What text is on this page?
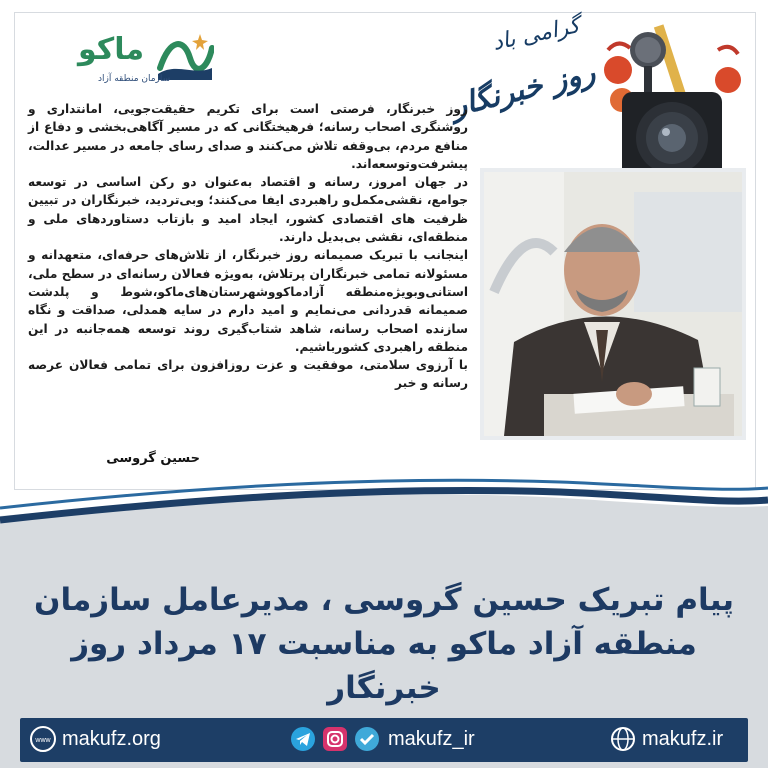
ماکو
سازمان منطقه آزاد
گرامی باد
روز خبرنگار

روز خبرنگار، فرصتی است برای تکریم حقیقت‌جویی، امانتداری و روشنگری اصحاب رسانه؛ فرهیختگانی که در مسیر آگاهی‌بخشی و دفاع از منافع مردم، بی‌وقفه تلاش می‌کنند و صدای رسای جامعه در مسیر عدالت، پیشرفت‌وتوسعه‌اند.

در جهان امروز، رسانه و اقتصاد به‌عنوان دو رکن اساسی در توسعه جوامع، نقشی‌مکمل‌و راهبردی ایفا می‌کنند؛ وبی‌تردید، خبرنگاران در تبیین ظرفیت های اقتصادی کشور، ایجاد امید و بازتاب دستاوردهای ملی و منطقه‌ای، نقشی بی‌بدیل دارند.

اینجانب با تبریک صمیمانه روز خبرنگار، از تلاش‌های حرفه‌ای، متعهدانه و مسئولانه تمامی خبرنگاران پرتلاش، به‌ویژه فعالان رسانه‌ای در سطح ملی، استانی‌وبویژه‌منطقه آزادماکووشهرستان‌های‌ماکو،شوط و پلدشت صمیمانه قدردانی می‌نمایم و امید دارم در سایه همدلی، صداقت و نگاه سازنده اصحاب رسانه، شاهد شتاب‌گیری روند توسعه همه‌جانبه در این منطقه راهبردی کشورباشیم.

با آرزوی سلامتی، موفقیت و عزت روزافزون برای تمامی فعالان عرصه رسانه و خبر

حسین گروسی
پیام تبریک حسین گروسی ، مدیرعامل سازمان
منطقه آزاد ماکو به مناسبت ۱۷ مرداد روز خبرنگار
www makufz.org	makufz_ir	makufz.ir
